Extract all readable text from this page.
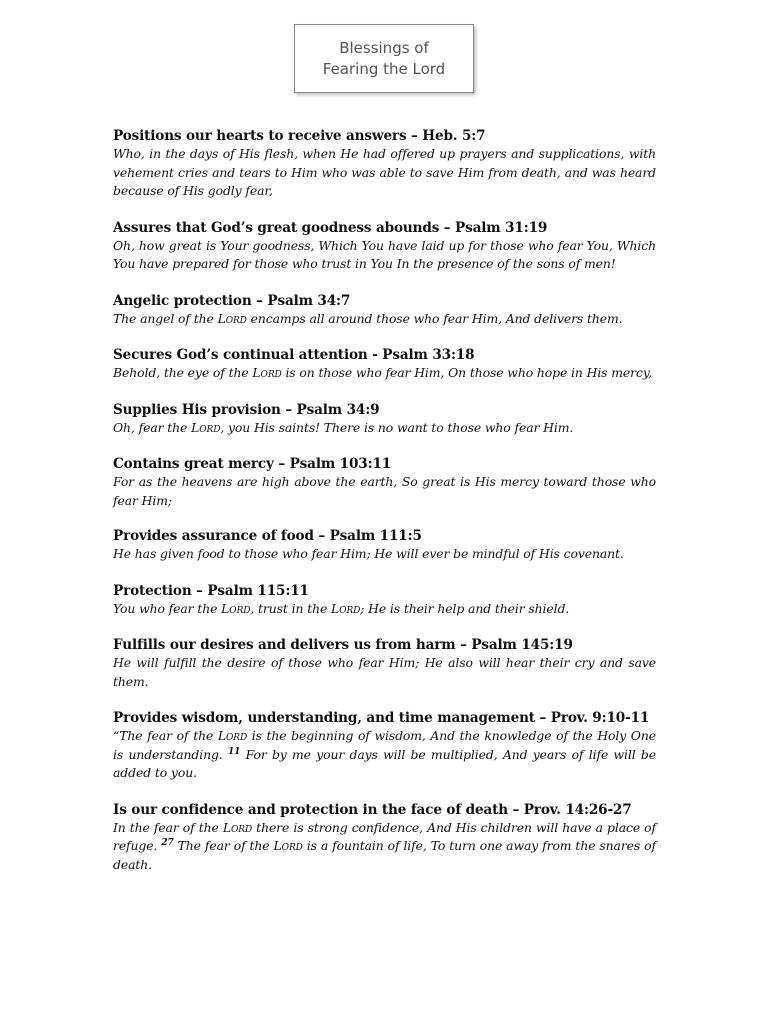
Blessings of
Fearing the Lord
Positions our hearts to receive answers – Heb. 5:7
Who, in the days of His flesh, when He had offered up prayers and supplications, with vehement cries and tears to Him who was able to save Him from death, and was heard because of His godly fear,
Assures that God’s great goodness abounds – Psalm 31:19
Oh, how great is Your goodness, Which You have laid up for those who fear You, Which You have prepared for those who trust in You In the presence of the sons of men!
Angelic protection – Psalm 34:7
The angel of the Lord encamps all around those who fear Him, And delivers them.
Secures God’s continual attention - Psalm 33:18
Behold, the eye of the Lord is on those who fear Him, On those who hope in His mercy,
Supplies His provision – Psalm 34:9
Oh, fear the Lord, you His saints! There is no want to those who fear Him.
Contains great mercy – Psalm 103:11
For as the heavens are high above the earth, So great is His mercy toward those who fear Him;
Provides assurance of food – Psalm 111:5
He has given food to those who fear Him; He will ever be mindful of His covenant.
Protection – Psalm 115:11
You who fear the Lord, trust in the Lord; He is their help and their shield.
Fulfills our desires and delivers us from harm – Psalm 145:19
He will fulfill the desire of those who fear Him; He also will hear their cry and save them.
Provides wisdom, understanding, and time management – Prov. 9:10-11
“The fear of the Lord is the beginning of wisdom, And the knowledge of the Holy One is understanding. $^{11}$ For by me your days will be multiplied, And years of life will be added to you.
Is our confidence and protection in the face of death – Prov. 14:26-27
In the fear of the Lord there is strong confidence, And His children will have a place of refuge. $^{27}$ The fear of the Lord is a fountain of life, To turn one away from the snares of death.
